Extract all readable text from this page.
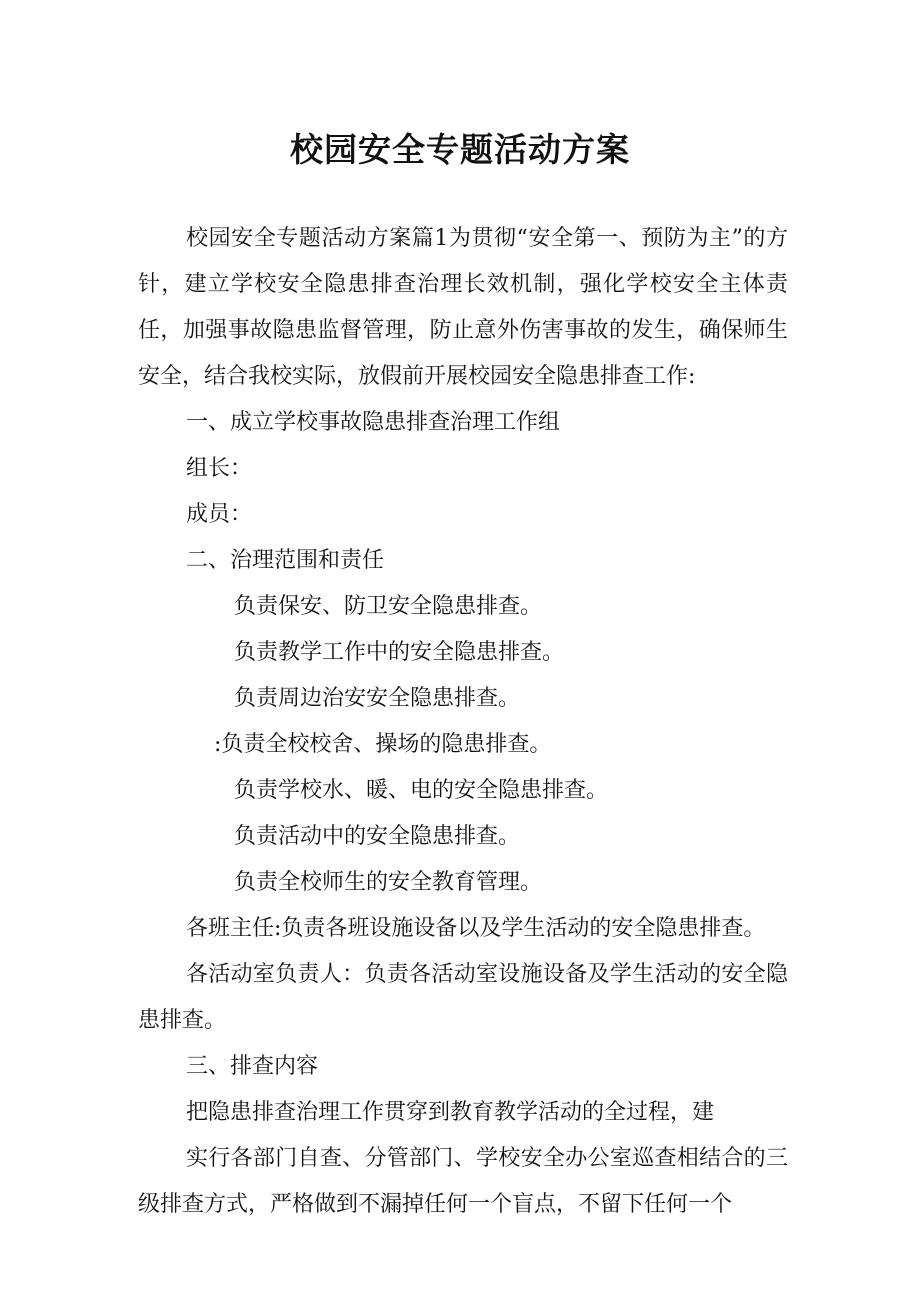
校园安全专题活动方案

校园安全专题活动方案篇1为贯彻“安全第一、预防为主”的方针，建立学校安全隐患排查治理长效机制，强化学校安全主体责任，加强事故隐患监督管理，防止意外伤害事故的发生，确保师生安全，结合我校实际，放假前开展校园安全隐患排查工作:

一、成立学校事故隐患排查治理工作组

组长：

成员：

二、治理范围和责任

负责保安、防卫安全隐患排查。

负责教学工作中的安全隐患排查。

负责周边治安安全隐患排查。

:负责全校校舍、操场的隐患排查。

负责学校水、暖、电的安全隐患排查。

负责活动中的安全隐患排查。

负责全校师生的安全教育管理。

各班主任:负责各班设施设备以及学生活动的安全隐患排查。

各活动室负责人：负责各活动室设施设备及学生活动的安全隐患排查。

三、排查内容

把隐患排查治理工作贯穿到教育教学活动的全过程，建

实行各部门自查、分管部门、学校安全办公室巡查相结合的三级排查方式，严格做到不漏掉任何一个盲点，不留下任何一个
